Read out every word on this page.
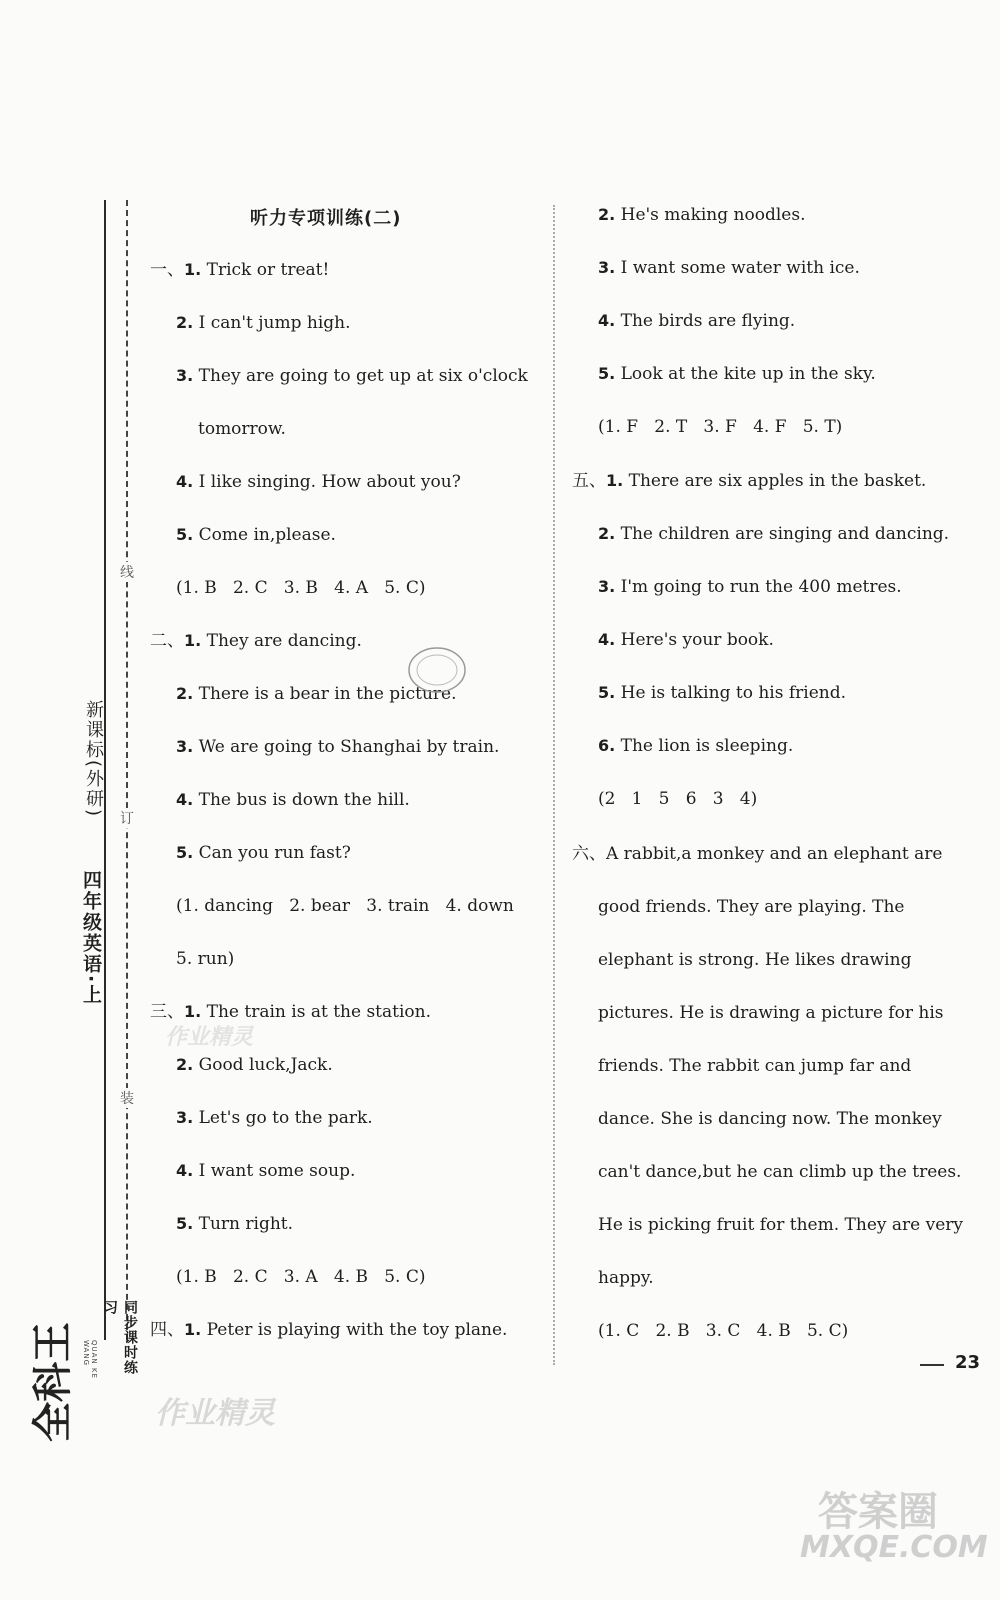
四年级英语·上
新课标(外研)
线
订
装
全科王	QUAN KE WANG	同步课时练习
听力专项训练(二)
一、1. Trick or treat!
2. I can't jump high.
3. They are going to get up at six o'clock
tomorrow.
4. I like singing. How about you?
5. Come in,please.
(1. B   2. C   3. B   4. A   5. C)
二、1. They are dancing.
2. There is a bear in the picture.
3. We are going to Shanghai by train.
4. The bus is down the hill.
5. Can you run fast?
(1. dancing   2. bear   3. train   4. down
5. run)
三、1. The train is at the station.
2. Good luck,Jack.
3. Let's go to the park.
4. I want some soup.
5. Turn right.
(1. B   2. C   3. A   4. B   5. C)
四、1. Peter is playing with the toy plane.
2. He's making noodles.
3. I want some water with ice.
4. The birds are flying.
5. Look at the kite up in the sky.
(1. F   2. T   3. F   4. F   5. T)
五、1. There are six apples in the basket.
2. The children are singing and dancing.
3. I'm going to run the 400 metres.
4. Here's your book.
5. He is talking to his friend.
6. The lion is sleeping.
(2   1   5   6   3   4)
六、A rabbit,a monkey and an elephant are
good friends. They are playing. The
elephant is strong. He likes drawing
pictures. He is drawing a picture for his
friends. The rabbit can jump far and
dance. She is dancing now. The monkey
can't dance,but he can climb up the trees.
He is picking fruit for them. They are very
happy.
(1. C   2. B   3. C   4. B   5. C)
23
作业精灵
作业精灵
答案圈
MXQE.COM
